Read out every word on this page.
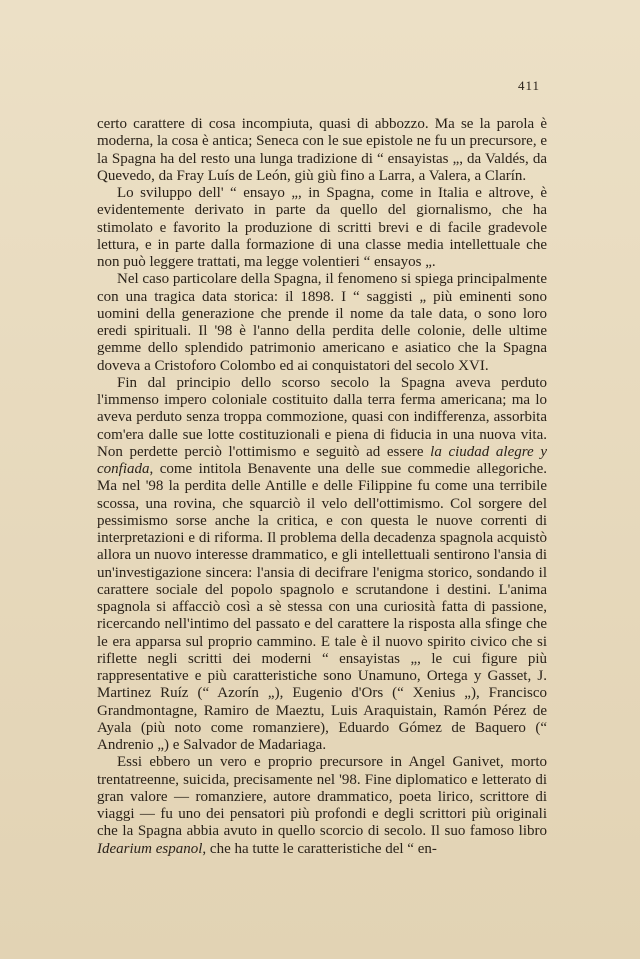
411

certo carattere di cosa incompiuta, quasi di abbozzo. Ma se la parola è moderna, la cosa è antica; Seneca con le sue epistole ne fu un precursore, e la Spagna ha del resto una lunga tradizione di “ ensayistas „, da Valdés, da Quevedo, da Fray Luís de León, giù giù fino a Larra, a Valera, a Clarín.

Lo sviluppo dell' “ ensayo „, in Spagna, come in Italia e altrove, è evidentemente derivato in parte da quello del giornalismo, che ha stimolato e favorito la produzione di scritti brevi e di facile gradevole lettura, e in parte dalla formazione di una classe media intellettuale che non può leggere trattati, ma legge volentieri “ ensayos „.

Nel caso particolare della Spagna, il fenomeno si spiega principalmente con una tragica data storica: il 1898. I “ saggisti „ più eminenti sono uomini della generazione che prende il nome da tale data, o sono loro eredi spirituali. Il '98 è l'anno della perdita delle colonie, delle ultime gemme dello splendido patrimonio americano e asiatico che la Spagna doveva a Cristoforo Colombo ed ai conquistatori del secolo XVI.

Fin dal principio dello scorso secolo la Spagna aveva perduto l'immenso impero coloniale costituito dalla terra ferma americana; ma lo aveva perduto senza troppa commozione, quasi con indifferenza, assorbita com'era dalle sue lotte costituzionali e piena di fiducia in una nuova vita. Non perdette perciò l'ottimismo e seguitò ad essere la ciudad alegre y confiada, come intitola Benavente una delle sue commedie allegoriche. Ma nel '98 la perdita delle Antille e delle Filippine fu come una terribile scossa, una rovina, che squarciò il velo dell'ottimismo. Col sorgere del pessimismo sorse anche la critica, e con questa le nuove correnti di interpretazioni e di riforma. Il problema della decadenza spagnola acquistò allora un nuovo interesse drammatico, e gli intellettuali sentirono l'ansia di un'investigazione sincera: l'ansia di decifrare l'enigma storico, sondando il carattere sociale del popolo spagnolo e scrutandone i destini. L'anima spagnola si affacciò così a sè stessa con una curiosità fatta di passione, ricercando nell'intimo del passato e del carattere la risposta alla sfinge che le era apparsa sul proprio cammino. E tale è il nuovo spirito civico che si riflette negli scritti dei moderni “ ensayistas „, le cui figure più rappresentative e più caratteristiche sono Unamuno, Ortega y Gasset, J. Martinez Ruíz (“ Azorín „), Eugenio d'Ors (“ Xenius „), Francisco Grandmontagne, Ramiro de Maeztu, Luis Araquistain, Ramón Pérez de Ayala (più noto come romanziere), Eduardo Gómez de Baquero (“ Andrenio „) e Salvador de Madariaga.

Essi ebbero un vero e proprio precursore in Angel Ganivet, morto trentatreenne, suicida, precisamente nel '98. Fine diplomatico e letterato di gran valore — romanziere, autore drammatico, poeta lirico, scrittore di viaggi — fu uno dei pensatori più profondi e degli scrittori più originali che la Spagna abbia avuto in quello scorcio di secolo. Il suo famoso libro Idearium espanol, che ha tutte le caratteristiche del “ en-
